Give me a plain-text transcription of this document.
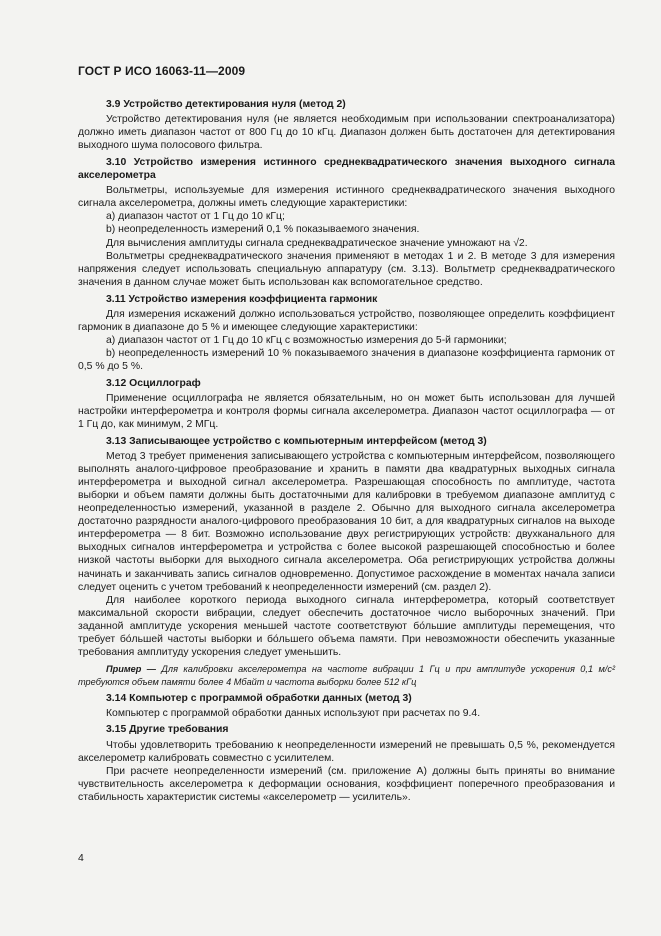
ГОСТ Р ИСО 16063-11—2009
3.9 Устройство детектирования нуля (метод 2)

Устройство детектирования нуля (не является необходимым при использовании спектроанализатора) должно иметь диапазон частот от 800 Гц до 10 кГц. Диапазон должен быть достаточен для детектирования выходного шума полосового фильтра.

3.10 Устройство измерения истинного среднеквадратического значения выходного сигнала акселерометра

Вольтметры, используемые для измерения истинного среднеквадратического значения выходного сигнала акселерометра, должны иметь следующие характеристики:

a) диапазон частот от 1 Гц до 10 кГц;

b) неопределенность измерений 0,1 % показываемого значения.

Для вычисления амплитуды сигнала среднеквадратическое значение умножают на √2.

Вольтметры среднеквадратического значения применяют в методах 1 и 2. В методе 3 для измерения напряжения следует использовать специальную аппаратуру (см. 3.13). Вольтметр среднеквадратического значения в данном случае может быть использован как вспомогательное средство.

3.11 Устройство измерения коэффициента гармоник

Для измерения искажений должно использоваться устройство, позволяющее определить коэффициент гармоник в диапазоне до 5 % и имеющее следующие характеристики:

a) диапазон частот от 1 Гц до 10 кГц с возможностью измерения до 5-й гармоники;

b) неопределенность измерений 10 % показываемого значения в диапазоне коэффициента гармоник от 0,5 % до 5 %.

3.12 Осциллограф

Применение осциллографа не является обязательным, но он может быть использован для лучшей настройки интерферометра и контроля формы сигнала акселерометра. Диапазон частот осциллографа — от 1 Гц до, как минимум, 2 МГц.

3.13 Записывающее устройство с компьютерным интерфейсом (метод 3)

Метод 3 требует применения записывающего устройства с компьютерным интерфейсом, позволяющего выполнять аналого-цифровое преобразование и хранить в памяти два квадратурных выходных сигнала интерферометра и выходной сигнал акселерометра. Разрешающая способность по амплитуде, частота выборки и объем памяти должны быть достаточными для калибровки в требуемом диапазоне амплитуд с неопределенностью измерений, указанной в разделе 2. Обычно для выходного сигнала акселерометра достаточно разрядности аналого-цифрового преобразования 10 бит, а для квадратурных сигналов на выходе интерферометра — 8 бит. Возможно использование двух регистрирующих устройств: двухканального для выходных сигналов интерферометра и устройства с более высокой разрешающей способностью и более низкой частоты выборки для выходного сигнала акселерометра. Оба регистрирующих устройства должны начинать и заканчивать запись сигналов одновременно. Допустимое расхождение в моментах начала записи следует оценить с учетом требований к неопределенности измерений (см. раздел 2).

Для наиболее короткого периода выходного сигнала интерферометра, который соответствует максимальной скорости вибрации, следует обеспечить достаточное число выборочных значений. При заданной амплитуде ускорения меньшей частоте соответствуют бо́льшие амплитуды перемещения, что требует бо́льшей частоты выборки и бо́льшего объема памяти. При невозможности обеспечить указанные требования амплитуду ускорения следует уменьшить.

Пример — Для калибровки акселерометра на частоте вибрации 1 Гц и при амплитуде ускорения 0,1 м/с² требуются объем памяти более 4 Мбайт и частота выборки более 512 кГц

3.14 Компьютер с программой обработки данных (метод 3)

Компьютер с программой обработки данных используют при расчетах по 9.4.

3.15 Другие требования

Чтобы удовлетворить требованию к неопределенности измерений не превышать 0,5 %, рекомендуется акселерометр калибровать совместно с усилителем.

При расчете неопределенности измерений (см. приложение А) должны быть приняты во внимание чувствительность акселерометра к деформации основания, коэффициент поперечного преобразования и стабильность характеристик системы «акселерометр — усилитель».

4
